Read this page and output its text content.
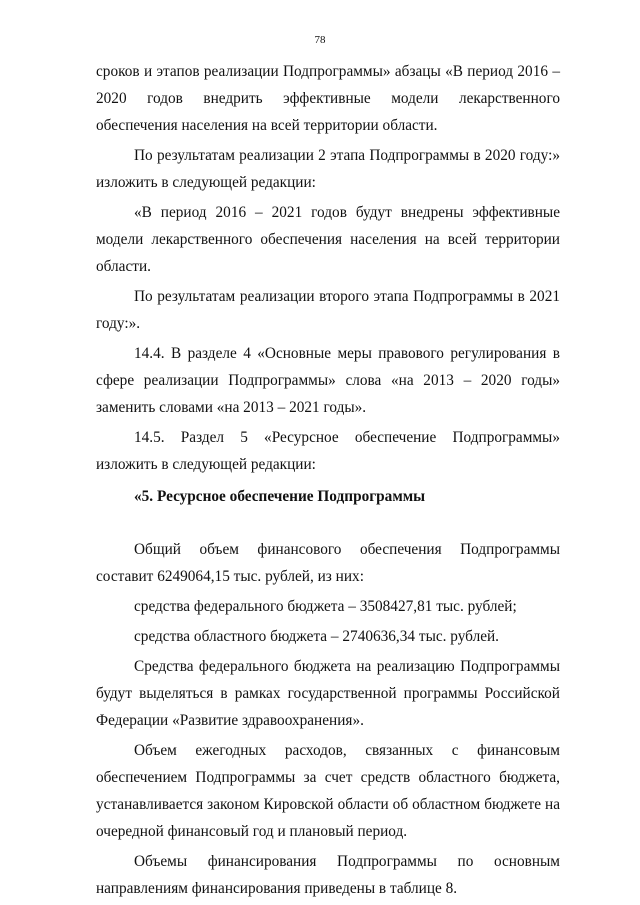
78

сроков и этапов реализации Подпрограммы» абзацы «В период 2016 – 2020 годов внедрить эффективные модели лекарственного обеспечения населения на всей территории области.

По результатам реализации 2 этапа Подпрограммы в 2020 году:» изложить в следующей редакции:

«В период 2016 – 2021 годов будут внедрены эффективные модели лекарственного обеспечения населения на всей территории области.

По результатам реализации второго этапа Подпрограммы в 2021 году:».

14.4. В разделе 4 «Основные меры правового регулирования в сфере реализации Подпрограммы» слова «на 2013 – 2020 годы» заменить словами «на 2013 – 2021 годы».

14.5. Раздел 5 «Ресурсное обеспечение Подпрограммы» изложить в следующей редакции:

«5. Ресурсное обеспечение Подпрограммы

Общий объем финансового обеспечения Подпрограммы составит 6249064,15 тыс. рублей, из них:

средства федерального бюджета – 3508427,81 тыс. рублей;

средства областного бюджета – 2740636,34 тыс. рублей.

Средства федерального бюджета на реализацию Подпрограммы будут выделяться в рамках государственной программы Российской Федерации «Развитие здравоохранения».

Объем ежегодных расходов, связанных с финансовым обеспечением Подпрограммы за счет средств областного бюджета, устанавливается законом Кировской области об областном бюджете на очередной финансовый год и плановый период.

Объемы финансирования Подпрограммы по основным направлениям финансирования приведены в таблице 8.
